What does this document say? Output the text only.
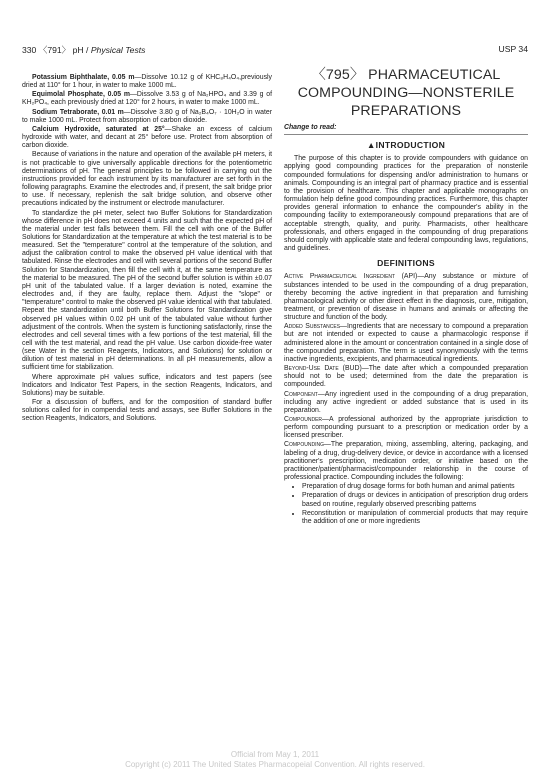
330 〈791〉 pH / Physical Tests	USP 34

Potassium Biphthalate, 0.05 m—Dissolve 10.12 g of KHC₈H₄O₄,previously dried at 110° for 1 hour, in water to make 1000 mL.

Equimolal Phosphate, 0.05 m—Dissolve 3.53 g of Na₂HPO₄ and 3.39 g of KH₂PO₄, each previously dried at 120° for 2 hours, in water to make 1000 mL.

Sodium Tetraborate, 0.01 m—Dissolve 3.80 g of Na₂B₄O₇ · 10H₂O in water to make 1000 mL. Protect from absorption of carbon dioxide.

Calcium Hydroxide, saturated at 25°—Shake an excess of calcium hydroxide with water, and decant at 25° before use. Protect from absorption of carbon dioxide.

Because of variations in the nature and operation of the available pH meters, it is not practicable to give universally applicable directions for the potentiometric determinations of pH. The general principles to be followed in carrying out the instructions provided for each instrument by its manufacturer are set forth in the following paragraphs. Examine the electrodes and, if present, the salt bridge prior to use. If necessary, replenish the salt bridge solution, and observe other precautions indicated by the instrument or electrode manufacturer.

To standardize the pH meter, select two Buffer Solutions for Standardization whose difference in pH does not exceed 4 units and such that the expected pH of the material under test falls between them. Fill the cell with one of the Buffer Solutions for Standardization at the temperature at which the test material is to be measured. Set the "temperature" control at the temperature of the solution, and adjust the calibration control to make the observed pH value identical with that tabulated. Rinse the electrodes and cell with several portions of the second Buffer Solution for Standardization, then fill the cell with it, at the same temperature as the material to be measured. The pH of the second buffer solution is within ±0.07 pH unit of the tabulated value. If a larger deviation is noted, examine the electrodes and, if they are faulty, replace them. Adjust the "slope" or "temperature" control to make the observed pH value identical with that tabulated. Repeat the standardization until both Buffer Solutions for Standardization give observed pH values within 0.02 pH unit of the tabulated value without further adjustment of the controls. When the system is functioning satisfactorily, rinse the electrodes and cell several times with a few portions of the test material, fill the cell with the test material, and read the pH value. Use carbon dioxide-free water (see Water in the section Reagents, Indicators, and Solutions) for solution or dilution of test material in pH determinations. In all pH measurements, allow a sufficient time for stabilization.

Where approximate pH values suffice, indicators and test papers (see Indicators and Indicator Test Papers, in the section Reagents, Indicators, and Solutions) may be suitable.

For a discussion of buffers, and for the composition of standard buffer solutions called for in compendial tests and assays, see Buffer Solutions in the section Reagents, Indicators, and Solutions.

〈795〉 PHARMACEUTICAL
COMPOUNDING—NONSTERILE
PREPARATIONS
Change to read:
▲INTRODUCTION

The purpose of this chapter is to provide compounders with guidance on applying good compounding practices for the preparation of nonsterile compounded formulations for dispensing and/or administration to humans or animals. Compounding is an integral part of pharmacy practice and is essential to the provision of healthcare. This chapter and applicable monographs on formulation help define good compounding practices. Furthermore, this chapter provides general information to enhance the compounder's ability in the compounding facility to extemporaneously compound preparations that are of acceptable strength, quality, and purity. Pharmacists, other healthcare professionals, and others engaged in the compounding of drug preparations should comply with applicable state and federal compounding laws, regulations, and guidelines.

DEFINITIONS

Active Pharmaceutical Ingredient (API)—Any substance or mixture of substances intended to be used in the compounding of a drug preparation, thereby becoming the active ingredient in that preparation and furnishing pharmacological activity or other direct effect in the diagnosis, cure, mitigation, treatment, or prevention of disease in humans and animals or affecting the structure and function of the body.

Added Substances—Ingredients that are necessary to compound a preparation but are not intended or expected to cause a pharmacologic response if administered alone in the amount or concentration contained in a single dose of the compounded preparation. The term is used synonymously with the terms inactive ingredients, excipients, and pharmaceutical ingredients.

Beyond-Use Date (BUD)—The date after which a compounded preparation should not to be used; determined from the date the preparation is compounded.

Component—Any ingredient used in the compounding of a drug preparation, including any active ingredient or added substance that is used in its preparation.

Compounder—A professional authorized by the appropriate jurisdiction to perform compounding pursuant to a prescription or medication order by a licensed prescriber.

Compounding—The preparation, mixing, assembling, altering, packaging, and labeling of a drug, drug-delivery device, or device in accordance with a licensed practitioner's prescription, medication order, or initiative based on the practitioner/patient/pharmacist/compounder relationship in the course of professional practice. Compounding includes the following:

• Preparation of drug dosage forms for both human and animal patients
• Preparation of drugs or devices in anticipation of prescription drug orders based on routine, regularly observed prescribing patterns
• Reconstitution or manipulation of commercial products that may require the addition of one or more ingredients
Official from May 1, 2011
Copyright (c) 2011 The United States Pharmacopeial Convention. All rights reserved.
